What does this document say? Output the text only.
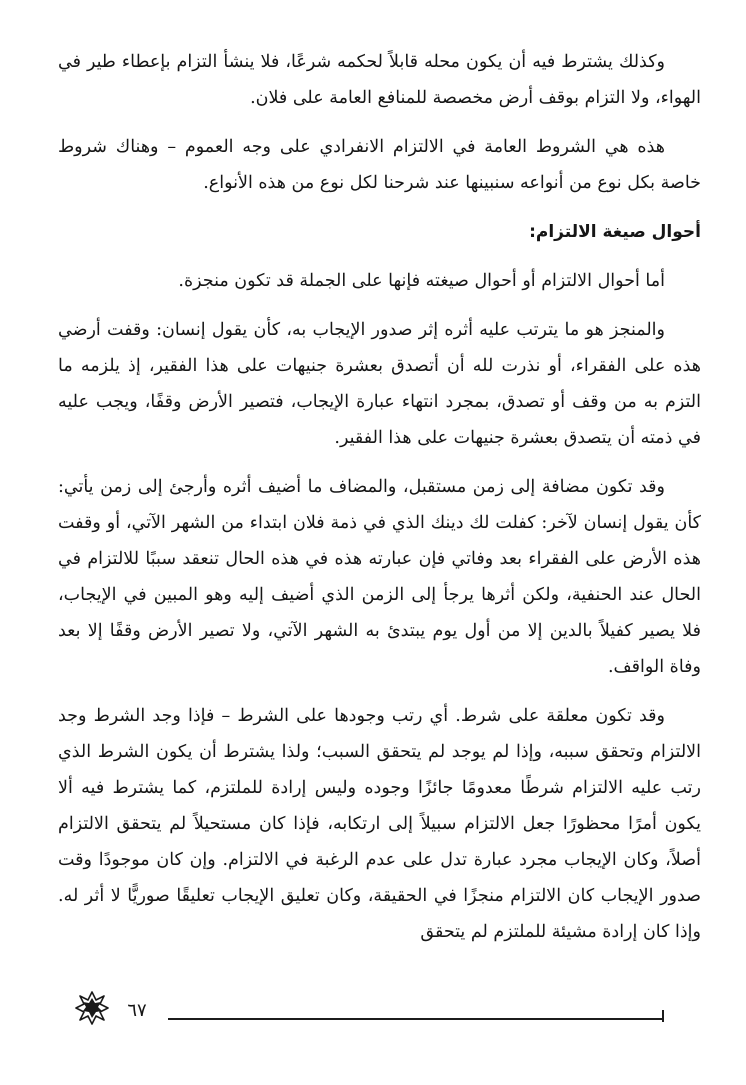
وكذلك يشترط فيه أن يكون محله قابلاً لحكمه شرعًا، فلا ينشأ التزام بإعطاء طير في الهواء، ولا التزام بوقف أرض مخصصة للمنافع العامة على فلان.

هذه هي الشروط العامة في الالتزام الانفرادي على وجه العموم – وهناك شروط خاصة بكل نوع من أنواعه سنبينها عند شرحنا لكل نوع من هذه الأنواع.

أحوال صيغة الالتزام:

أما أحوال الالتزام أو أحوال صيغته فإنها على الجملة قد تكون منجزة.

والمنجز هو ما يترتب عليه أثره إثر صدور الإيجاب به، كأن يقول إنسان: وقفت أرضي هذه على الفقراء، أو نذرت لله أن أتصدق بعشرة جنيهات على هذا الفقير، إذ يلزمه ما التزم به من وقف أو تصدق، بمجرد انتهاء عبارة الإيجاب، فتصير الأرض وقفًا، ويجب عليه في ذمته أن يتصدق بعشرة جنيهات على هذا الفقير.

وقد تكون مضافة إلى زمن مستقبل، والمضاف ما أضيف أثره وأرجئ إلى زمن يأتي: كأن يقول إنسان لآخر: كفلت لك دينك الذي في ذمة فلان ابتداء من الشهر الآتي، أو وقفت هذه الأرض على الفقراء بعد وفاتي فإن عبارته هذه في هذه الحال تنعقد سببًا للالتزام في الحال عند الحنفية، ولكن أثرها يرجأ إلى الزمن الذي أضيف إليه وهو المبين في الإيجاب، فلا يصير كفيلاً بالدين إلا من أول يوم يبتدئ به الشهر الآتي، ولا تصير الأرض وقفًا إلا بعد وفاة الواقف.

وقد تكون معلقة على شرط. أي رتب وجودها على الشرط – فإذا وجد الشرط وجد الالتزام وتحقق سببه، وإذا لم يوجد لم يتحقق السبب؛ ولذا يشترط أن يكون الشرط الذي رتب عليه الالتزام شرطًا معدومًا جائزًا وجوده وليس إرادة للملتزم، كما يشترط فيه ألا يكون أمرًا محظورًا جعل الالتزام سبيلاً إلى ارتكابه، فإذا كان مستحيلاً لم يتحقق الالتزام أصلاً، وكان الإيجاب مجرد عبارة تدل على عدم الرغبة في الالتزام. وإن كان موجودًا وقت صدور الإيجاب كان الالتزام منجزًا في الحقيقة، وكان تعليق الإيجاب تعليقًا صوريًّا لا أثر له. وإذا كان إرادة مشيئة للملتزم لم يتحقق

٦٧
